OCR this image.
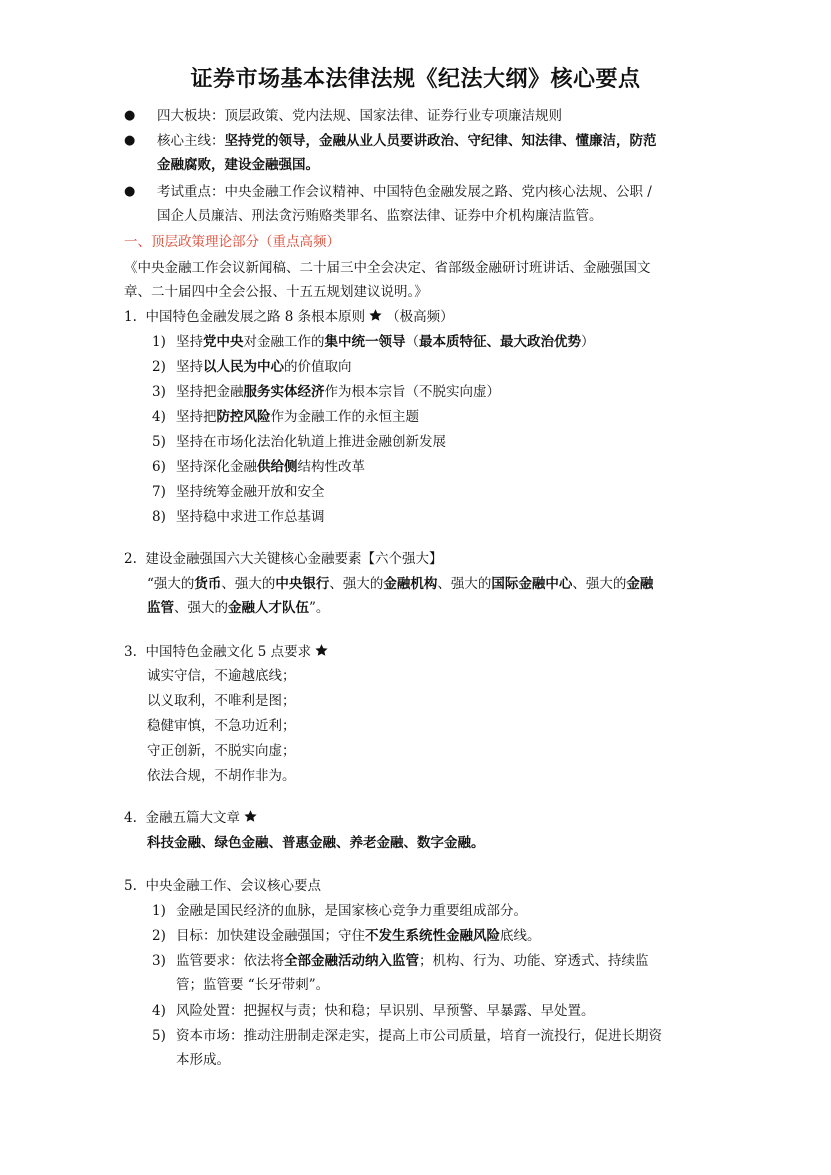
证券市场基本法律法规《纪法大纲》核心要点
● 四大板块：顶层政策、党内法规、国家法律、证券行业专项廉洁规则
● 核心主线：坚持党的领导，金融从业人员要讲政治、守纪律、知法律、懂廉洁，防范
金融腐败，建设金融强国。
● 考试重点：中央金融工作会议精神、中国特色金融发展之路、党内核心法规、公职 /
国企人员廉洁、刑法贪污贿赂类罪名、监察法律、证券中介机构廉洁监管。
一、顶层政策理论部分（重点高频）
《中央金融工作会议新闻稿、二十届三中全会决定、省部级金融研讨班讲话、金融强国文
章、二十届四中全会公报、十五五规划建议说明。》
1. 中国特色金融发展之路 8 条根本原则 （极高频）
1) 坚持党中央对金融工作的集中统一领导（最本质特征、最大政治优势）
2) 坚持以人民为中心的价值取向
3) 坚持把金融服务实体经济作为根本宗旨（不脱实向虚）
4) 坚持把防控风险作为金融工作的永恒主题
5) 坚持在市场化法治化轨道上推进金融创新发展
6) 坚持深化金融供给侧结构性改革
7) 坚持统筹金融开放和安全
8) 坚持稳中求进工作总基调
2. 建设金融强国六大关键核心金融要素【六个强大】
“强大的货币、强大的中央银行、强大的金融机构、强大的国际金融中心、强大的金融
监管、强大的金融人才队伍”。
3. 中国特色金融文化 5 点要求
诚实守信，不逾越底线；
以义取利，不唯利是图；
稳健审慎，不急功近利；
守正创新，不脱实向虚；
依法合规，不胡作非为。
4. 金融五篇大文章
科技金融、绿色金融、普惠金融、养老金融、数字金融。
5. 中央金融工作、会议核心要点
1) 金融是国民经济的血脉，是国家核心竞争力重要组成部分。
2) 目标：加快建设金融强国；守住不发生系统性金融风险底线。
3) 监管要求：依法将全部金融活动纳入监管；机构、行为、功能、穿透式、持续监
管；监管要 “长牙带刺”。
4) 风险处置：把握权与责；快和稳；早识别、早预警、早暴露、早处置。
5) 资本市场：推动注册制走深走实，提高上市公司质量，培育一流投行，促进长期资
本形成。
